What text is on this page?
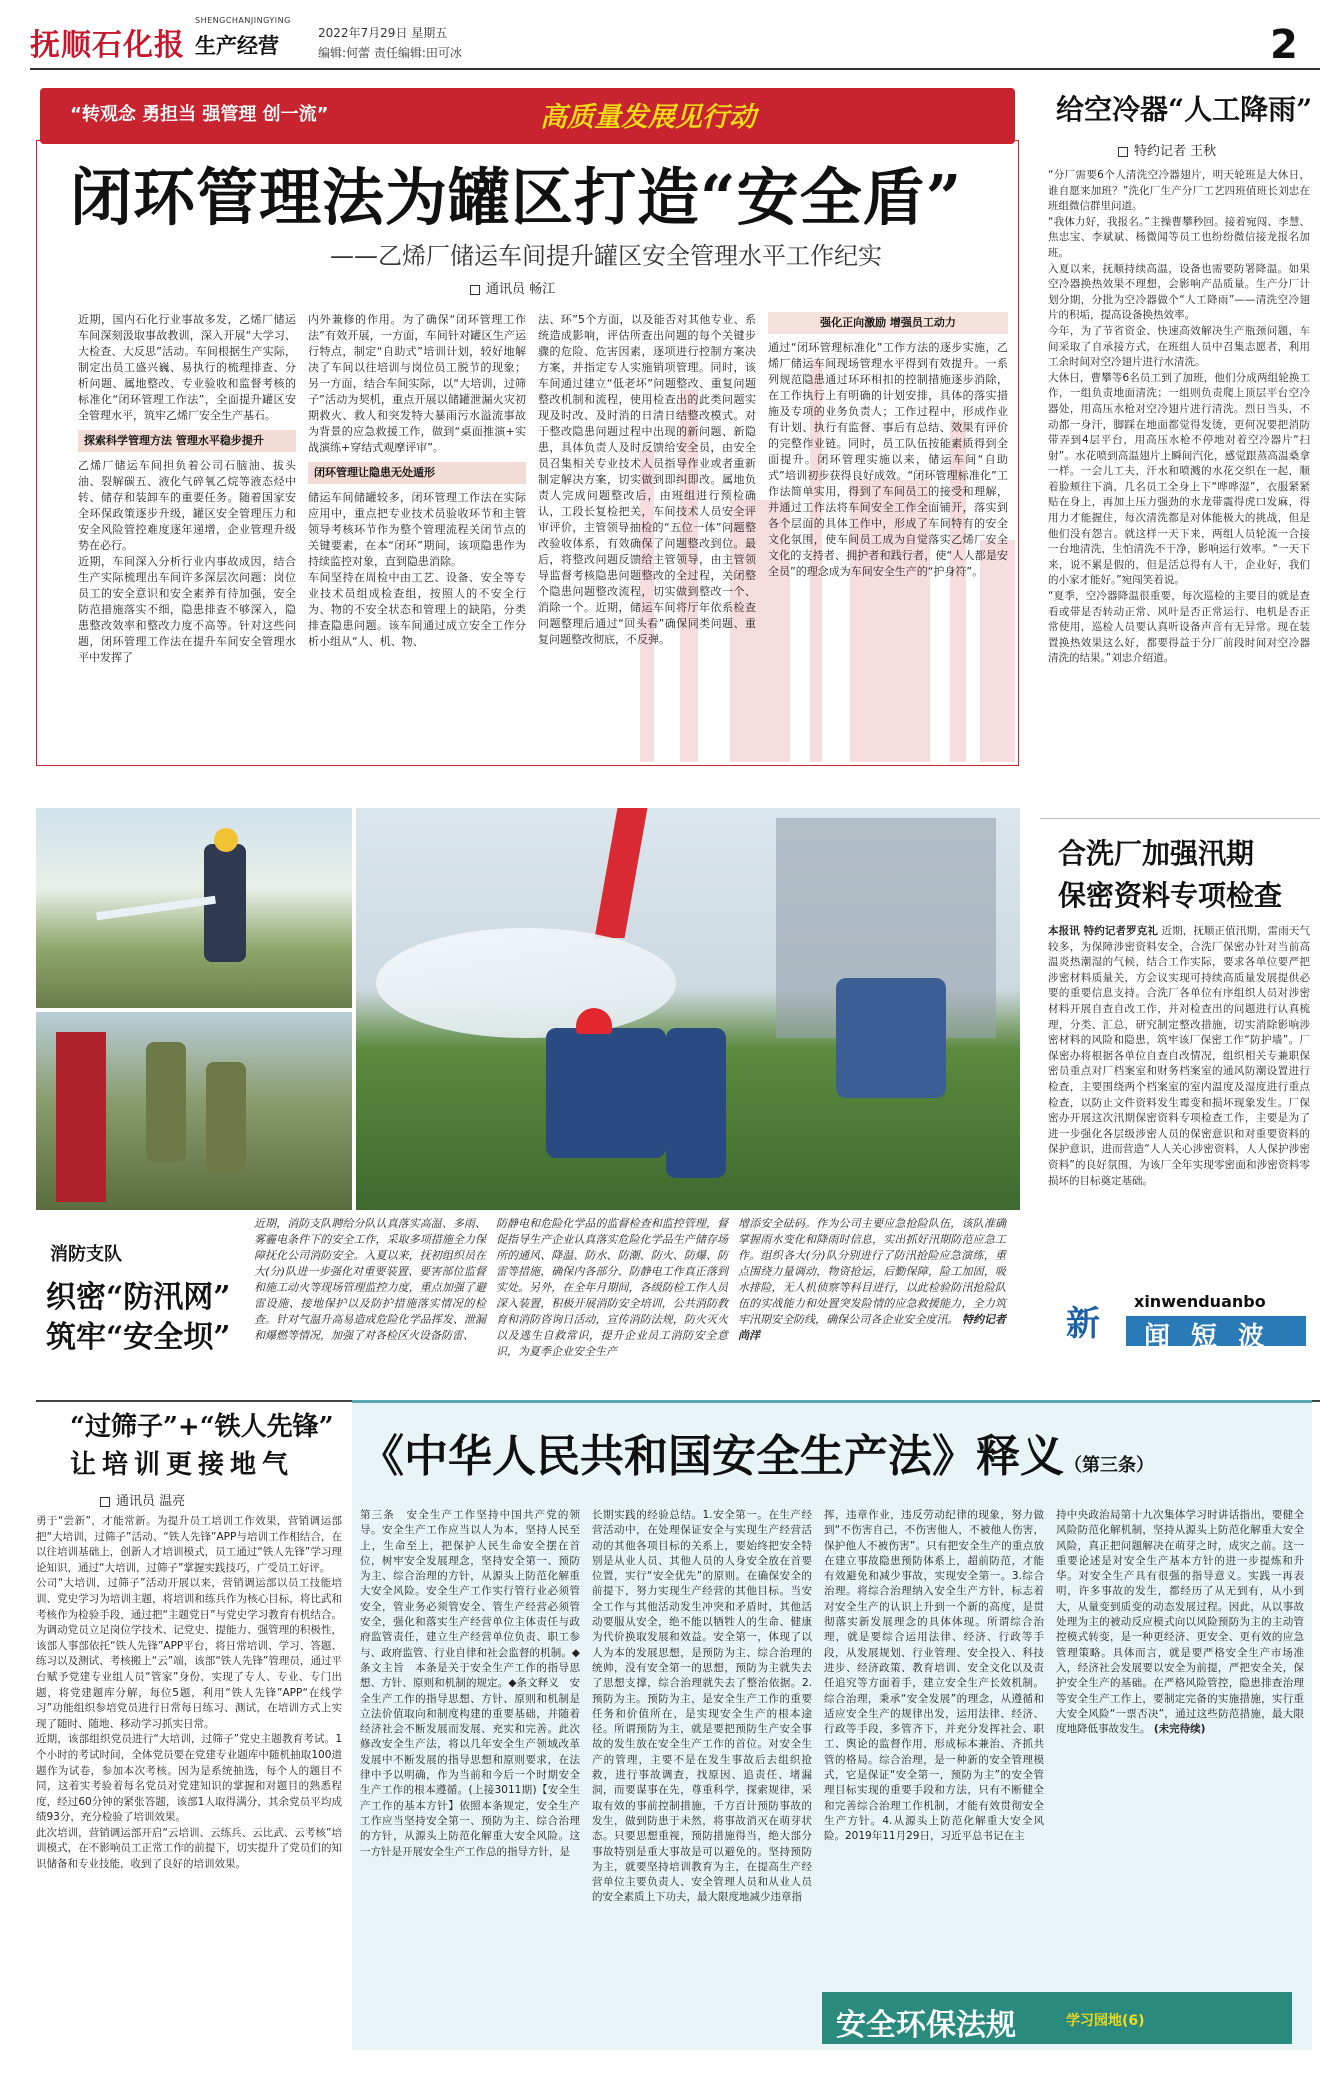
抚顺石化报
SHENGCHANJINGYING
生产经营
2022年7月29日 星期五
编辑:何蕾 责任编辑:田可冰	2
“转观念 勇担当 强管理 创一流”	高质量发展见行动
闭环管理法为罐区打造“安全盾”
——乙烯厂储运车间提升罐区安全管理水平工作纪实
通讯员 畅江

近期，国内石化行业事故多发，乙烯厂储运车间深刻汲取事故教训，深入开展“大学习、大检查、大反思”活动。车间根据生产实际，制定出员工盛兴巍、易执行的梳理排查、分析问题、属地整改、专业验收和监督考核的标准化“闭环管理工作法”，全面提升罐区安全管理水平，筑牢乙烯厂安全生产基石。

探索科学管理方法 管理水平稳步提升

乙烯厂储运车间担负着公司石脑油、拔头油、裂解碳五、液化气碎氧乙烷等液态烃中转、储存和装卸车的重要任务。随着国家安全环保政策逐步升级，罐区安全管理压力和安全风险管控难度逐年递增，企业管理升级势在必行。

近期，车间深入分析行业内事故成因，结合生产实际梳理出车间许多深层次问题：岗位员工的安全意识和安全素养有待加强，安全防范措施落实不细，隐患排查不够深入，隐患整改效率和整改力度不高等。针对这些问题，闭环管理工作法在提升车间安全管理水平中发挥了

内外兼修的作用。为了确保“闭环管理工作法”有效开展，一方面，车间针对罐区生产运行特点，制定“自助式”培训计划，较好地解决了车间以往培训与岗位员工脱节的现象；另一方面，结合车间实际，以“大培训，过筛子”活动为契机，重点开展以储罐泄漏火灾初期救火、救人和突发特大暴雨污水溢流事故为背景的应急救援工作，做到“桌面推演+实战演练+穿结式观摩评审”。

闭环管理让隐患无处遁形

储运车间储罐较多，闭环管理工作法在实际应用中，重点把专业技术员验收环节和主管领导考核环节作为整个管理流程关闭节点的关键要素，在本“闭环”期间，该项隐患作为持续监控对象，直到隐患消除。

车间坚持在周检中由工艺、设备、安全等专业技术员组成检查组，按照人的不安全行为、物的不安全状态和管理上的缺陷，分类排查隐患问题。该车间通过成立安全工作分析小组从“人、机、物、

法、环”5个方面，以及能否对其他专业、系统造成影响，评估所查出问题的每个关键步骤的危险、危害因素，逐项进行控制方案决方案，并指定专人实施销项管理。同时，该车间通过建立“低老坏”问题整改、重复问题整改机制和流程，使用检查出的此类问题实现及时改、及时消的日清日结整改模式。对于整改隐患问题过程中出现的新问题、新隐患，具体负责人及时反馈给安全员，由安全员召集相关专业技术人员指导作业或者重新制定解决方案，切实做到即纠即改。属地负责人完成问题整改后，由班组进行预检确认，工段长复检把关，车间技术人员安全评审评价，主管领导抽检的“五位一体”问题整改验收体系，有效确保了问题整改到位。最后，将整改问题反馈给主管领导，由主管领导监督考核隐患问题整改的全过程，关闭整个隐患问题整改流程，切实做到整改一个、消除一个。近期，储运车间将厅年依系检查问题整理后通过“回头看”确保同类问题、重复问题整改彻底，不反弹。

强化正向激励 增强员工动力

通过“闭环管理标准化”工作方法的逐步实施，乙烯厂储运车间现场管理水平得到有效提升。一系列规范隐患通过环环相扣的控制措施逐步消除，在工作执行上有明确的计划安排，具体的落实措施及专项的业务负责人；工作过程中，形成作业有计划、执行有监督、事后有总结、效果有评价的完整作业链。同时，员工队伍按能素质得到全面提升。闭环管理实施以来，储运车间“自助式”培训初步获得良好成效。“闭环管理标准化”工作法简单实用，得到了车间员工的接受和理解，并通过工作法将车间安全工作全面铺开，落实到各个层面的具体工作中，形成了车间特有的安全文化氛围，使车间员工成为自觉落实乙烯厂安全文化的支持者、拥护者和践行者，使“人人都是安全员”的理念成为车间安全生产的“护身符”。

给空冷器“人工降雨”
特约记者 王秋

“分厂需要6个人清洗空冷器翅片，明天轮班是大休日，谁自愿来加班？”洗化厂生产分厂工艺四班值班长刘忠在班组微信群里问道。

“我体力好，我报名。”主操曹攀秒回。接着宛闯、李慧、焦忠宝、李斌斌、杨微闻等员工也纷纷微信接龙报名加班。

入夏以来，抚顺持续高温，设备也需要防署降温。如果空冷器换热效果不理想，会影响产品质量。生产分厂计划分期，分批为空冷器做个“人工降雨”——清洗空冷翅片的积垢，提高设备换热效率。

今年，为了节省资金、快速高效解决生产瓶颈问题，车间采取了自承接方式，在班组人员中召集志愿者，利用工余时间对空冷翅片进行水清洗。

大休日，曹攀等6名员工到了加班，他们分成两组轮换工作，一组负责地面清洗；一组则负责爬上顶层平台空冷器处，用高压水枪对空冷翅片进行清洗。烈日当头，不动都一身汗，脚踩在地面都觉得发烫，更何况要把消防带弄到4层平台，用高压水枪不停地对着空冷器片“扫射”。水花喷到高温翅片上瞬间汽化，感觉跟蒸高温桑拿一样。一会儿工夫，汗水和喷溅的水花交织在一起，顺着脸颊往下淌，几名员工全身上下“哗哗湿”，衣服紧紧贴在身上，再加上压力强劲的水龙带震得虎口发麻，得用力才能握住，每次清洗都是对体能极大的挑战，但是他们没有怨言。就这样一天下来，两组人员轮流一合接一台地清洗，生怕清洗不干净，影响运行效率。“一天下来，说不累是假的，但是活总得有人干，企业好，我们的小家才能好。”宛闯笑着说。

“夏季，空冷器降温很重要，每次巡检的主要目的就是查看或带是否转动正常、风叶是否正常运行、电机是否正常使用，巡检人员要认真听设备声音有无异常。现在装置换热效果这么好，都要得益于分厂前段时间对空冷器清洗的结果。”刘忠介绍道。

合洗厂加强汛期
保密资料专项检查

本报讯 特约记者罗克礼

近期，抚顺正值汛期，雷雨天气较多，为保障涉密资料安全，合洗厂保密办针对当前高温炎热潮湿的气候，结合工作实际，要求各单位要严把涉密材料质量关，方会议实现可持续高质量发展提供必要的重要信息支持。合洗厂各单位有序组织人员对涉密材料开展自查自改工作，并对检查出的问题进行认真梳理，分类、汇总，研究制定整改措施，切实消除影响涉密材料的风险和隐患，筑牢该厂保密工作“防护墙”。厂保密办将根据各单位自查自改情况，组织相关专兼职保密员重点对厂档案室和财务档案室的通风防潮设置进行检查，主要围绕两个档案室的室内温度及湿度进行重点检查，以防止文件资料发生霉变和损坏现象发生。厂保密办开展这次汛期保密资料专项检查工作，主要是为了进一步强化各层级涉密人员的保密意识和对重要资料的保护意识，进而营造“人人关心涉密资料，人人保护涉密资料”的良好氛围，为该厂全年实现零密面和涉密资料零损坏的目标奠定基础。

xinwenduanbo
新 闻 短 波
消防支队
织密“防汛网”
筑牢“安全坝”

近期，消防支队聘给分队认真落实高温、多雨、雾霾电条件下的安全工作，采取多项措施全力保障抚化公司消防安全。入夏以来，抚初组织员在大(分)队进一步强化对重要装置、要害部位监督和施工动火等现场管理监控力度，重点加强了避雷设施、接地保护以及防护措施落实情况的检查。针对气温升高易造成危险化学品挥发、泄漏和爆燃等情况，加强了对各检区火设备防雷、

防静电和危险化学品的监督检查和监控管理，督促指导生产企业认真落实危险化学品生产储存场所的通风、降温、防水、防潮、防火、防爆、防雷等措施，确保内各部分、防静电工作真正落到实处。另外，在全年月期间，各级防检工作人员深入装置，积极开展消防安全培训，公共消防教育和消防咨询日活动，宣传消防法规，防火灭火以及逃生自救常识，提升企业员工消防安全意识，为夏季企业安全生产

增添安全砝码。作为公司主要应急抢险队伍，该队准确掌握雨水变化和降雨时信息，实出抓好汛期防范应急工作。组织各大(分)队分别进行了防汛抢险应急演练，重点围绕力量调动，物资抢运，后勤保障，险工加固，吸水排险，无人机侦察等科目进行，以此检验防汛抢险队伍的实战能力和处置突发险情的应急救援能力，全力筑牢汛期安全防线，确保公司各企业安全度汛。 特约记者 尚洋
“过筛子”+“铁人先锋”
让培训更接地气
通讯员 温亮

勇于“尝新”，才能常新。为提升员工培训工作效果，营销调运部把“大培训，过筛子”活动、“铁人先锋”APP与培训工作相结合，在以往培训基础上，创新人才培训模式，员工通过“铁人先锋”学习理论知识，通过“大培训，过筛子”掌握实践技巧，广受员工好评。

公司“大培训，过筛子”活动开展以来，营销调运部以员工技能培训、党史学习为培训主题，将培训和练兵作为核心目标，将比武和考核作为检验手段，通过把“主题党日”与党史学习教育有机结合。为调动党员立足岗位学技术、记党史、提能力、强管理的积极性，该部人事部依托“铁人先锋”APP平台，将日常培训、学习、答题、练习以及测试、考核搬上“云”端，该部“铁人先锋”管理员，通过平台赋予党建专业组人员“管家”身份，实现了专人、专业、专门出题，将党建题库分解，每位5题，利用“铁人先锋”APP“在线学习”功能组织参培党员进行日常每日练习、测试，在培训方式上实现了随时、随地、移动学习抓实日常。

近期，该部组织党员进行“大培训，过筛子”党史主题教育考试。1个小时的考试时间，全体党员要在党建专业题库中随机抽取100道题作为试卷，参加本次考核。因为是系统抽选，每个人的题目不同，这着实考验着每名党员对党建知识的掌握和对题目的熟悉程度，经过60分钟的紧张答题，该部1人取得满分，其余党员平均成绩93分，充分检验了培训效果。

此次培训，营销调运部开启“云培训、云练兵、云比武、云考核”培训模式，在不影响员工正常工作的前提下，切实提升了党员们的知识储备和专业技能，收到了良好的培训效果。

《中华人民共和国安全生产法》释义（第三条）

第三条　安全生产工作坚持中国共产党的领导。安全生产工作应当以人为本，坚持人民至上，生命至上，把保护人民生命安全摆在首位，树牢安全发展理念，坚持安全第一、预防为主、综合治理的方针，从源头上防范化解重大安全风险。安全生产工作实行管行业必须管安全，管业务必须管安全、管生产经营必须管安全，强化和落实生产经营单位主体责任与政府监管责任，建立生产经营单位负责、职工参与、政府监管、行业自律和社会监督的机制。◆条文主旨　本条是关于安全生产工作的指导思想、方针、原则和机制的规定。◆条文释义　安全生产工作的指导思想、方针、原则和机制是立法价值取向和制度构建的重要基础，并随着经济社会不断发展而发展、充实和完善。此次修改安全生产法，将以几年安全生产领域改革发展中不断发展的指导思想和原则要求，在法律中予以明确，作为当前和今后一个时期安全生产工作的根本遵循。(上接3011期)【安全生产工作的基本方针】依照本条规定，安全生产工作应当坚持安全第一、预防为主、综合治理的方针，从源头上防范化解重大安全风险。这一方针是开展安全生产工作总的指导方针，是

长期实践的经验总结。1.安全第一。在生产经营活动中，在处理保证安全与实现生产经营活动的其他各项目标的关系上，要始终把安全特别是从业人员、其他人员的人身安全放在首要位置，实行“安全优先”的原则。在确保安全的前提下，努力实现生产经营的其他目标。当安全工作与其他活动发生冲突和矛盾时，其他活动要服从安全，绝不能以牺牲人的生命、健康为代价换取发展和效益。安全第一，体现了以人为本的发展思想，是预防为主、综合治理的统帅，没有安全第一的思想，预防为主就失去了思想支撑，综合治理就失去了整治依据。2.预防为主。预防为主，是安全生产工作的重要任务和价值所在，是实现安全生产的根本途径。所谓预防为主，就是要把预防生产安全事故的发生放在安全生产工作的首位。对安全生产的管理，主要不是在发生事故后去组织抢救，进行事故调查，找原因、追责任、堵漏洞，而要谋事在先，尊重科学，探索规律，采取有效的事前控制措施，千方百计预防事故的发生，做到防患于未然，将事故消灭在萌芽状态。只要思想重视，预防措施得当，绝大部分事故特别是重大事故是可以避免的。坚持预防为主，就要坚持培训教育为主，在提高生产经营单位主要负责人、安全管理人员和从业人员的安全素质上下功夫，最大限度地减少违章指

挥，违章作业，违反劳动纪律的现象，努力做到“不伤害自己，不伤害他人，不被他人伤害，保护他人不被伤害”。只有把安全生产的重点放在建立事故隐患预防体系上，超前防范，才能有效避免和减少事故，实现安全第一。3.综合治理。将综合治理纳入安全生产方针，标志着对安全生产的认识上升到一个新的高度，是贯彻落实新发展理念的具体体现。所谓综合治理，就是要综合运用法律、经济、行政等手段，从发展规划、行业管理、安全投入、科技进步、经济政策、教育培训、安全文化以及责任追究等方面着手，建立安全生产长效机制。综合治理，秉承“安全发展”的理念，从遵循和适应安全生产的规律出发，运用法律、经济、行政等手段，多管齐下，并充分发挥社会、职工、舆论的监督作用，形成标本兼治、齐抓共管的格局。综合治理，是一种新的安全管理模式，它是保证“安全第一，预防为主”的安全管理目标实现的重要手段和方法，只有不断健全和完善综合治理工作机制，才能有效贯彻安全生产方针。4.从源头上防范化解重大安全风险。2019年11月29日，习近平总书记在主

持中央政治局第十九次集体学习时讲话指出，要健全风险防范化解机制，坚持从源头上防范化解重大安全风险，真正把问题解决在萌芽之时，成灾之前。这一重要论述是对安全生产基本方针的进一步提炼和升华。对安全生产具有很强的指导意义。实践一再表明，许多事故的发生，都经历了从无到有，从小到大，从量变到质变的动态发展过程。因此，从以事故处理为主的被动反应模式向以风险预防为主的主动管控模式转变，是一种更经济、更安全、更有效的应急管理策略。具体而言，就是要严格安全生产市场准入，经济社会发展要以安全为前提，严把安全关，保护安全生产的基础。在严格风险管控，隐患排查治理等安全生产工作上，要制定完备的实施措施，实行重大安全风险“一票否决”，通过这些防范措施，最大限度地降低事故发生。 (未完待续)
安全环保法规	学习园地(6)
